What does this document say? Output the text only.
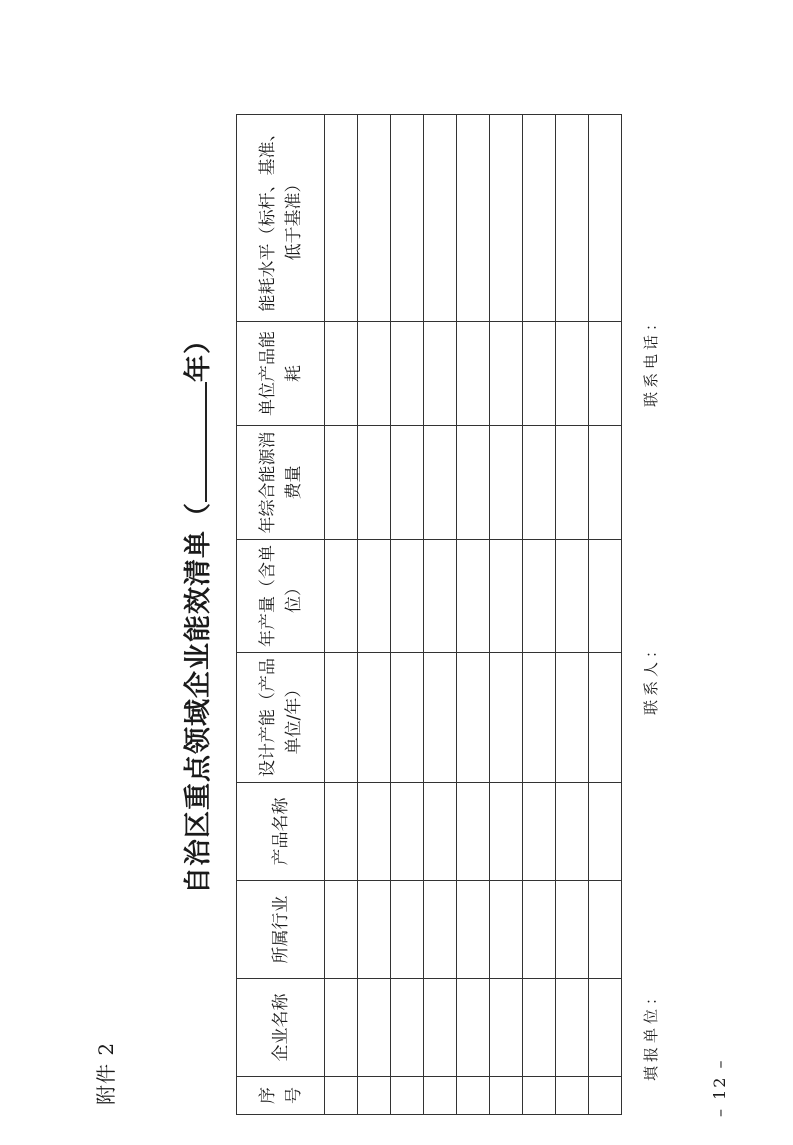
附件 2
自治区重点领域企业能效清单（年）
序号	企业名称	所属行业	产品名称	设计产能（产品单位/年）	年产量（含单位）	年综合能源消费量	单位产品能耗	能耗水平（标杆、基准、低于基准）

填报单位：
联系人：
联系电话：
– 12 –
